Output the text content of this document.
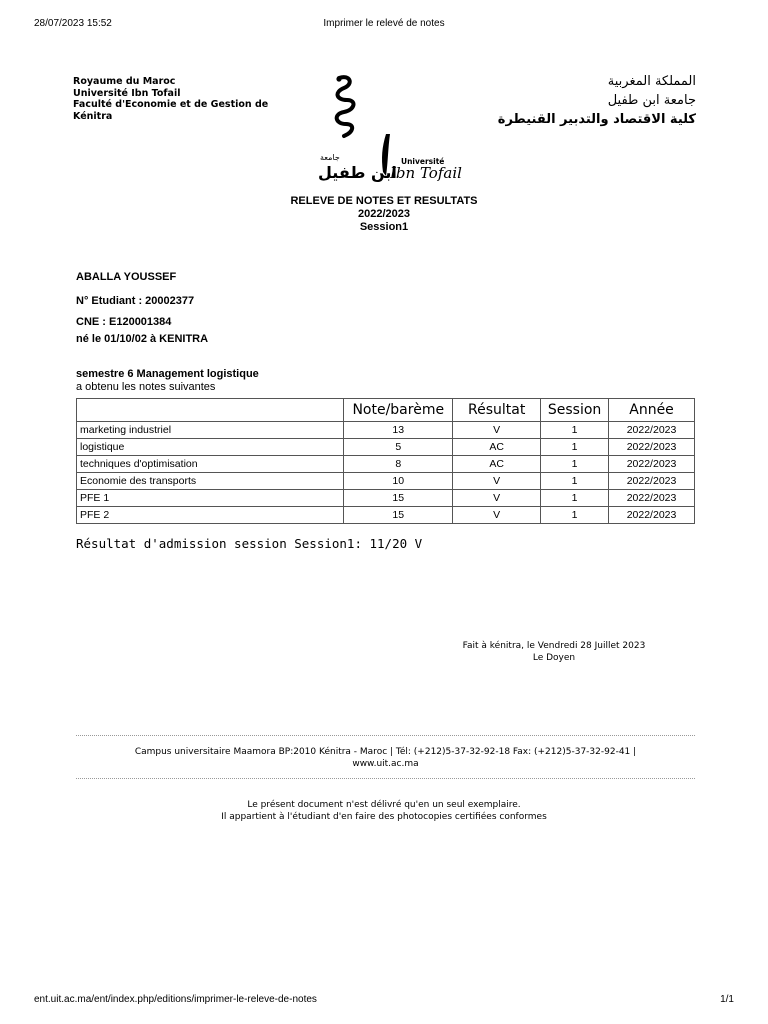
28/07/2023 15:52	Imprimer le relevé de notes
Royaume du Maroc
Université Ibn Tofail
Faculté d'Economie et de Gestion de Kénitra
Université
Ibn Tofail
جامعة
ابن طفيل
المملكة المغربية
جامعة ابن طفيل
كلية الاقتصاد والتدبير القنيطرة
RELEVE DE NOTES ET RESULTATS
2022/2023
Session1
ABALLA YOUSSEF
N° Etudiant : 20002377
CNE : E120001384
né le 01/10/02 à KENITRA
semestre 6 Management logistique
a obtenu les notes suivantes
	Note/barème	Résultat	Session	Année
marketing industriel	13	V	1	2022/2023
logistique	5	AC	1	2022/2023
techniques d'optimisation	8	AC	1	2022/2023
Economie des transports	10	V	1	2022/2023
PFE 1	15	V	1	2022/2023
PFE 2	15	V	1	2022/2023
Résultat d'admission session Session1: 11/20 V
Fait à kénitra, le Vendredi 28 Juillet 2023
Le Doyen
Campus universitaire Maamora BP:2010 Kénitra - Maroc | Tél: (+212)5-37-32-92-18 Fax: (+212)5-37-32-92-41 |
www.uit.ac.ma
Le présent document n'est délivré qu'en un seul exemplaire.
Il appartient à l'étudiant d'en faire des photocopies certifiées conformes
ent.uit.ac.ma/ent/index.php/editions/imprimer-le-releve-de-notes	1/1
